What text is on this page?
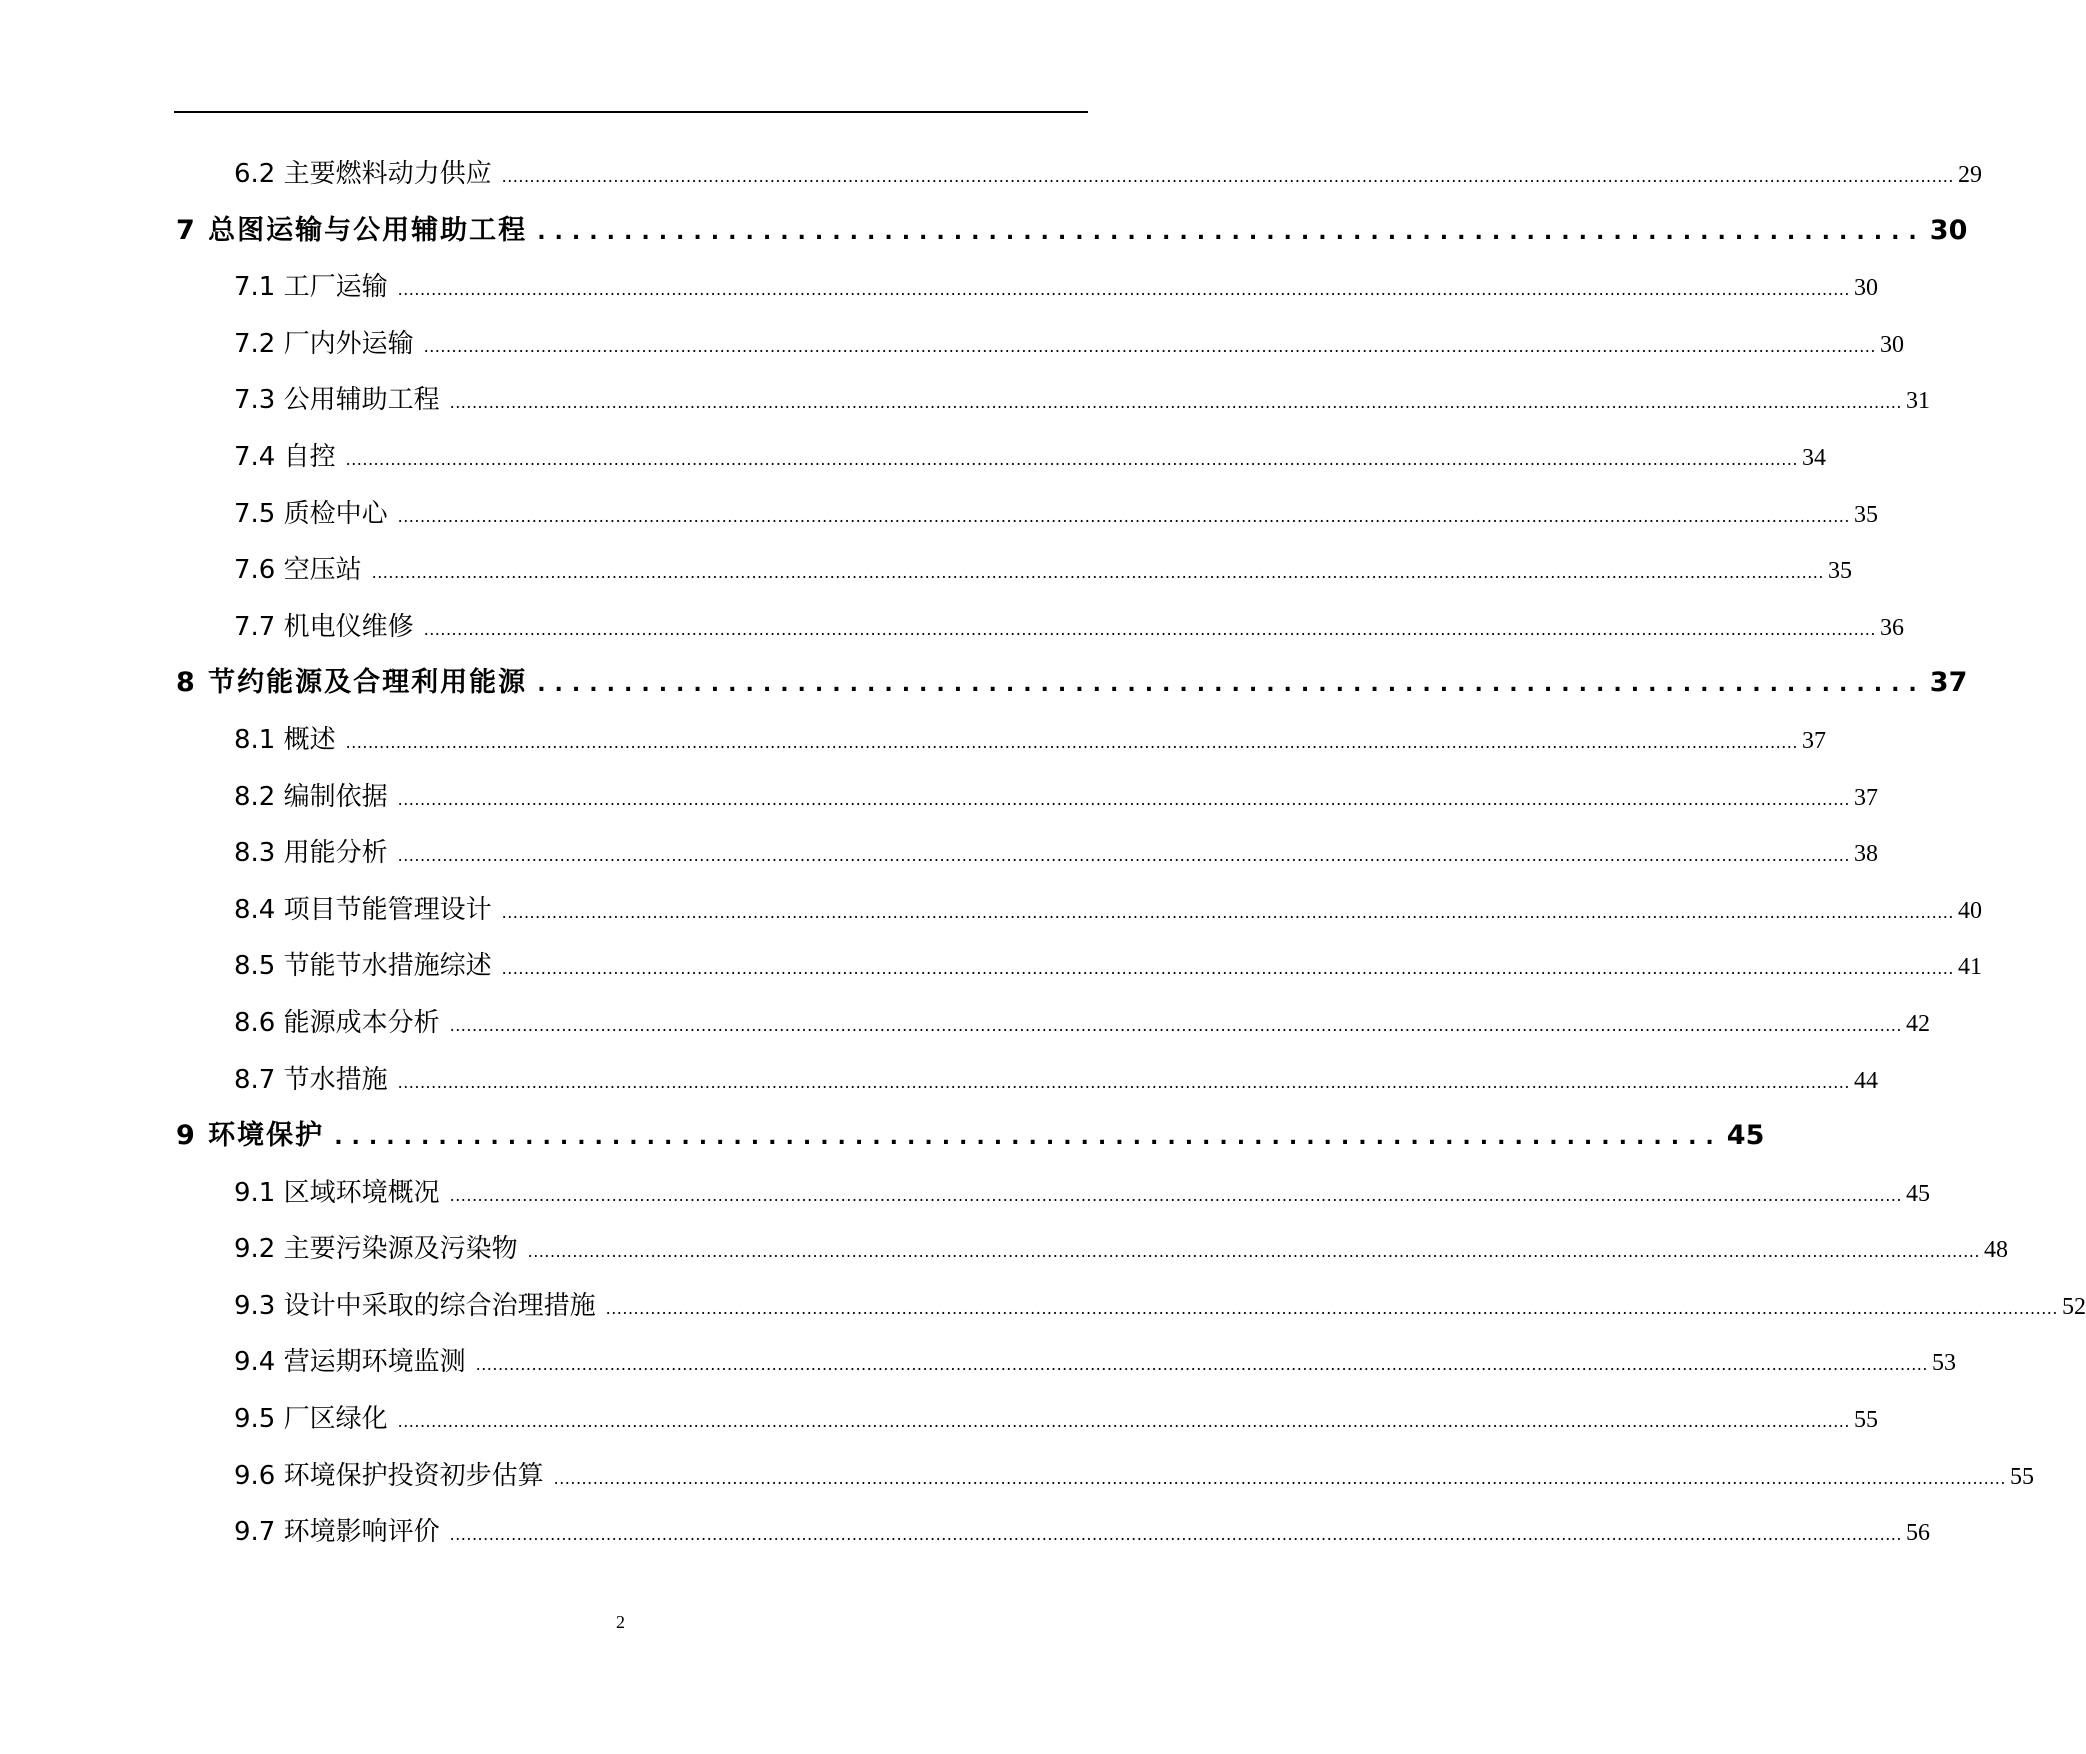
6.2 主要燃料动力供应 .................................................................................................................................................................................................................................................................... 29
7 总图运输与公用辅助工程 ................................................................................ 30
7.1 工厂运输 .................................................................................................................................................................................................................................................................... 30
7.2 厂内外运输 .................................................................................................................................................................................................................................................................... 30
7.3 公用辅助工程 .................................................................................................................................................................................................................................................................... 31
7.4 自控 .................................................................................................................................................................................................................................................................... 34
7.5 质检中心 .................................................................................................................................................................................................................................................................... 35
7.6 空压站 .................................................................................................................................................................................................................................................................... 35
7.7 机电仪维修 .................................................................................................................................................................................................................................................................... 36
8 节约能源及合理利用能源 ................................................................................ 37
8.1 概述 .................................................................................................................................................................................................................................................................... 37
8.2 编制依据 .................................................................................................................................................................................................................................................................... 37
8.3 用能分析 .................................................................................................................................................................................................................................................................... 38
8.4 项目节能管理设计 .................................................................................................................................................................................................................................................................... 40
8.5 节能节水措施综述 .................................................................................................................................................................................................................................................................... 41
8.6 能源成本分析 .................................................................................................................................................................................................................................................................... 42
8.7 节水措施 .................................................................................................................................................................................................................................................................... 44
9 环境保护 ................................................................................ 45
9.1 区域环境概况 .................................................................................................................................................................................................................................................................... 45
9.2 主要污染源及污染物 .................................................................................................................................................................................................................................................................... 48
9.3 设计中采取的综合治理措施 .................................................................................................................................................................................................................................................................... 52
9.4 营运期环境监测 .................................................................................................................................................................................................................................................................... 53
9.5 厂区绿化 .................................................................................................................................................................................................................................................................... 55
9.6 环境保护投资初步估算 .................................................................................................................................................................................................................................................................... 55
9.7 环境影响评价 .................................................................................................................................................................................................................................................................... 56
2
